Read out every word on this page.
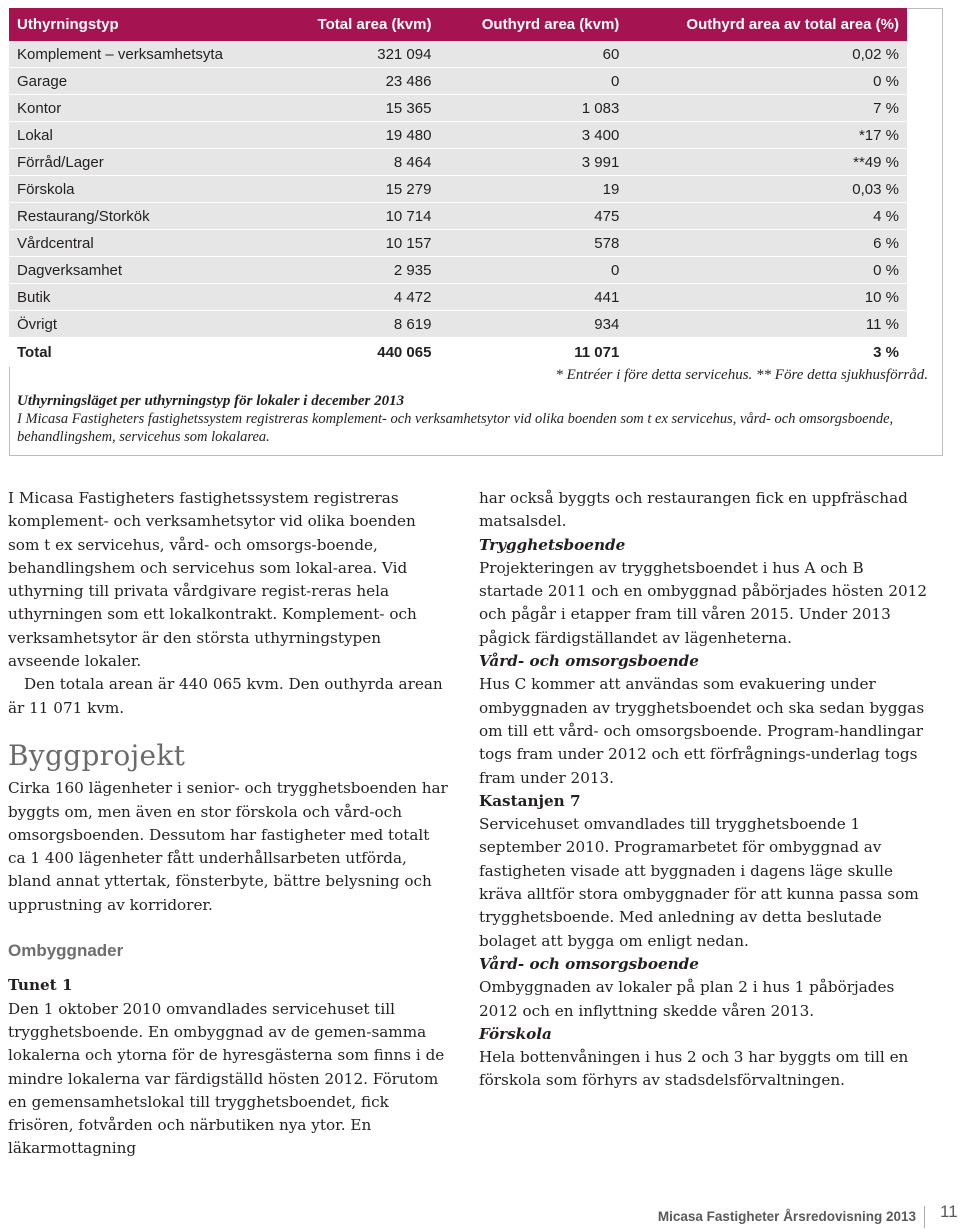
Uthyrningstyp	Total area (kvm)	Outhyrd area (kvm)	Outhyrd area av total area (%)
Komplement – verksamhetsyta	321 094	60	0,02 %
Garage	23 486	0	0 %
Kontor	15 365	1 083	7 %
Lokal	19 480	3 400	*17 %
Förråd/Lager	8 464	3 991	**49 %
Förskola	15 279	19	0,03 %
Restaurang/Storkök	10 714	475	4 %
Vårdcentral	10 157	578	6 %
Dagverksamhet	2 935	0	0 %
Butik	4 472	441	10 %
Övrigt	8 619	934	11 %
Total	440 065	11 071	3 %
* Entréer i före detta servicehus. ** Före detta sjukhusförråd.
Uthyrningsläget per uthyrningstyp för lokaler i december 2013
I Micasa Fastigheters fastighetssystem registreras komplement- och verksamhetsytor vid olika boenden som t ex servicehus, vård- och omsorgsboende, behandlingshem, servicehus som lokalarea.

I Micasa Fastigheters fastighetssystem registreras komplement- och verksamhetsytor vid olika boenden som t ex servicehus, vård- och omsorgs-boende, behandlingshem och servicehus som lokal-area. Vid uthyrning till privata vårdgivare regist-reras hela uthyrningen som ett lokalkontrakt. Komplement- och verksamhetsytor är den största uthyrningstypen avseende lokaler.

Den totala arean är 440 065 kvm. Den outhyrda arean är 11 071 kvm.

Byggprojekt

Cirka 160 lägenheter i senior- och trygghetsboenden har byggts om, men även en stor förskola och vård-och omsorgsboenden. Dessutom har fastigheter med totalt ca 1 400 lägenheter fått underhållsarbeten utförda, bland annat yttertak, fönsterbyte, bättre belysning och upprustning av korridorer.

Ombyggnader

Tunet 1

Den 1 oktober 2010 omvandlades servicehuset till trygghetsboende. En ombyggnad av de gemen-samma lokalerna och ytorna för de hyresgästerna som finns i de mindre lokalerna var färdigställd hösten 2012. Förutom en gemensamhetslokal till trygghetsboendet, fick frisören, fotvården och närbutiken nya ytor. En läkarmottagning

har också byggts och restaurangen fick en uppfräschad matsalsdel.

Trygghetsboende

Projekteringen av trygghetsboendet i hus A och B startade 2011 och en ombyggnad påbörjades hösten 2012 och pågår i etapper fram till våren 2015. Under 2013 pågick färdigställandet av lägenheterna.

Vård- och omsorgsboende

Hus C kommer att användas som evakuering under ombyggnaden av trygghetsboendet och ska sedan byggas om till ett vård- och omsorgsboende. Program-handlingar togs fram under 2012 och ett förfrågnings-underlag togs fram under 2013.

Kastanjen 7

Servicehuset omvandlades till trygghetsboende 1 september 2010. Programarbetet för ombyggnad av fastigheten visade att byggnaden i dagens läge skulle kräva alltför stora ombyggnader för att kunna passa som trygghetsboende. Med anledning av detta beslutade bolaget att bygga om enligt nedan.

Vård- och omsorgsboende

Ombyggnaden av lokaler på plan 2 i hus 1 påbörjades 2012 och en inflyttning skedde våren 2013.

Förskola

Hela bottenvåningen i hus 2 och 3 har byggts om till en förskola som förhyrs av stadsdelsförvaltningen.

Micasa Fastigheter Årsredovisning 2013 11
